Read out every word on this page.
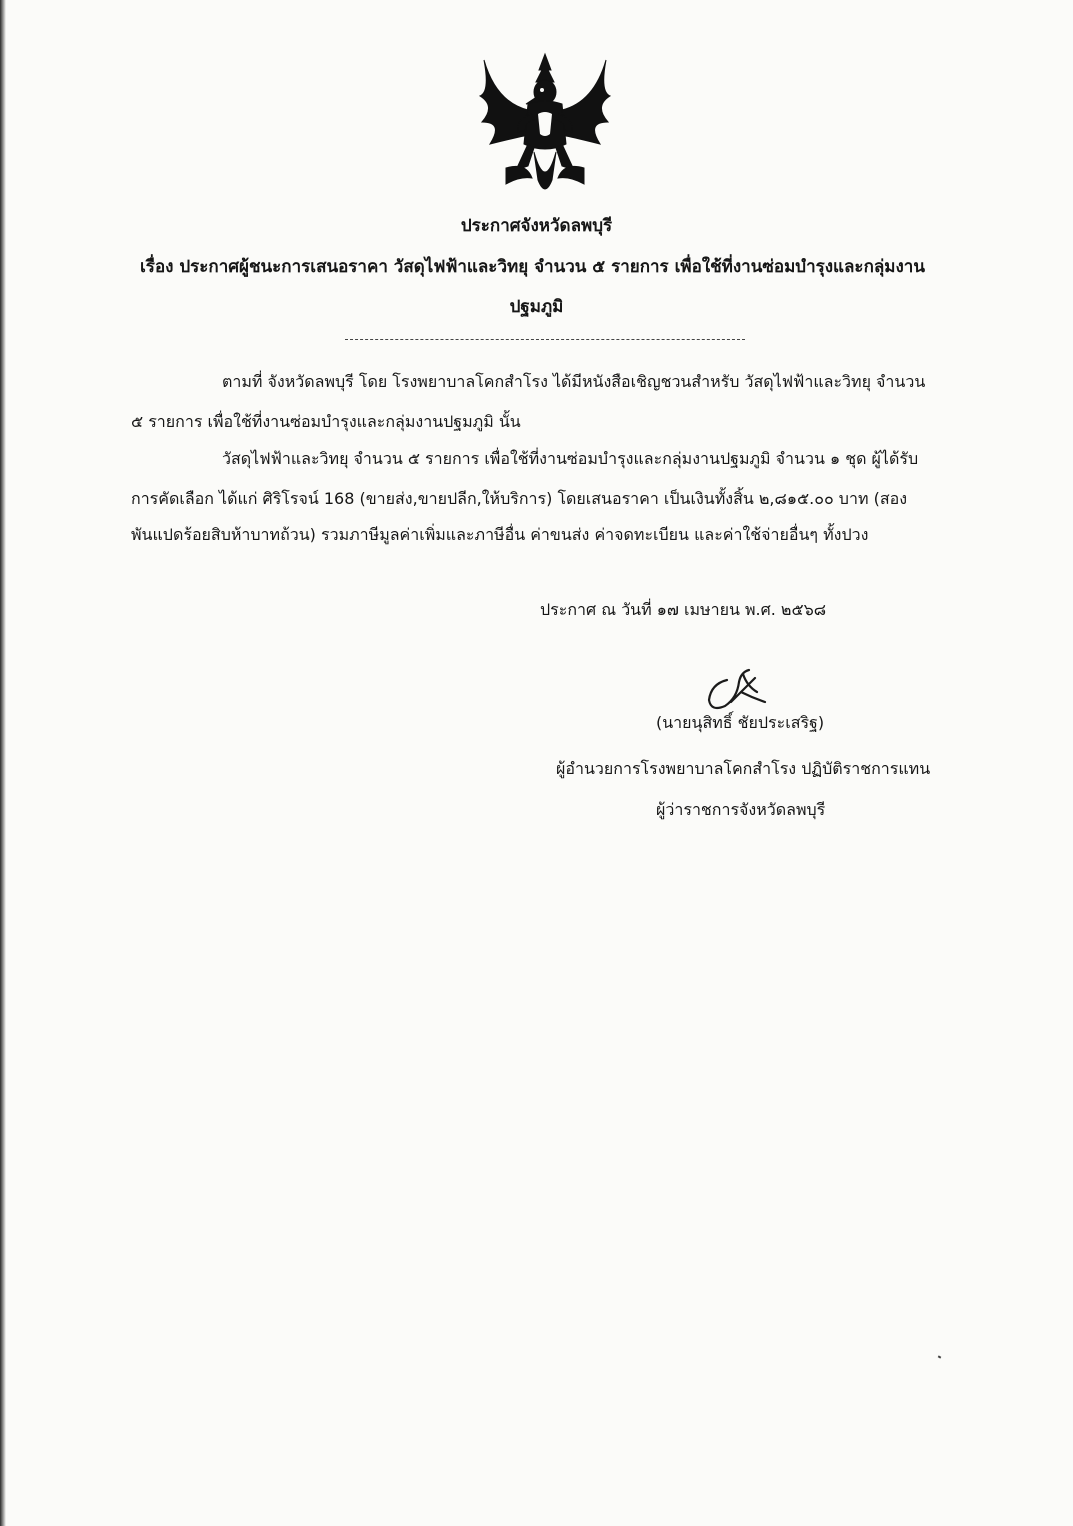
ประกาศจังหวัดลพบุรี
เรื่อง ประกาศผู้ชนะการเสนอราคา วัสดุไฟฟ้าและวิทยุ จำนวน ๕ รายการ เพื่อใช้ที่งานซ่อมบำรุงและกลุ่มงาน
ปฐมภูมิ
ตามที่ จังหวัดลพบุรี โดย โรงพยาบาลโคกสำโรง ได้มีหนังสือเชิญชวนสำหรับ วัสดุไฟฟ้าและวิทยุ จำนวน
๕ รายการ เพื่อใช้ที่งานซ่อมบำรุงและกลุ่มงานปฐมภูมิ นั้น
วัสดุไฟฟ้าและวิทยุ จำนวน ๕ รายการ เพื่อใช้ที่งานซ่อมบำรุงและกลุ่มงานปฐมภูมิ จำนวน ๑ ชุด ผู้ได้รับ
การคัดเลือก ได้แก่ ศิริโรจน์ 168 (ขายส่ง,ขายปลีก,ให้บริการ) โดยเสนอราคา เป็นเงินทั้งสิ้น ๒,๘๑๕.๐๐ บาท (สอง
พันแปดร้อยสิบห้าบาทถ้วน) รวมภาษีมูลค่าเพิ่มและภาษีอื่น ค่าขนส่ง ค่าจดทะเบียน และค่าใช้จ่ายอื่นๆ ทั้งปวง
ประกาศ ณ วันที่ ๑๗ เมษายน พ.ศ. ๒๕๖๘
(นายนุสิทธิ์ ชัยประเสริฐ)
ผู้อำนวยการโรงพยาบาลโคกสำโรง ปฏิบัติราชการแทน
ผู้ว่าราชการจังหวัดลพบุรี
